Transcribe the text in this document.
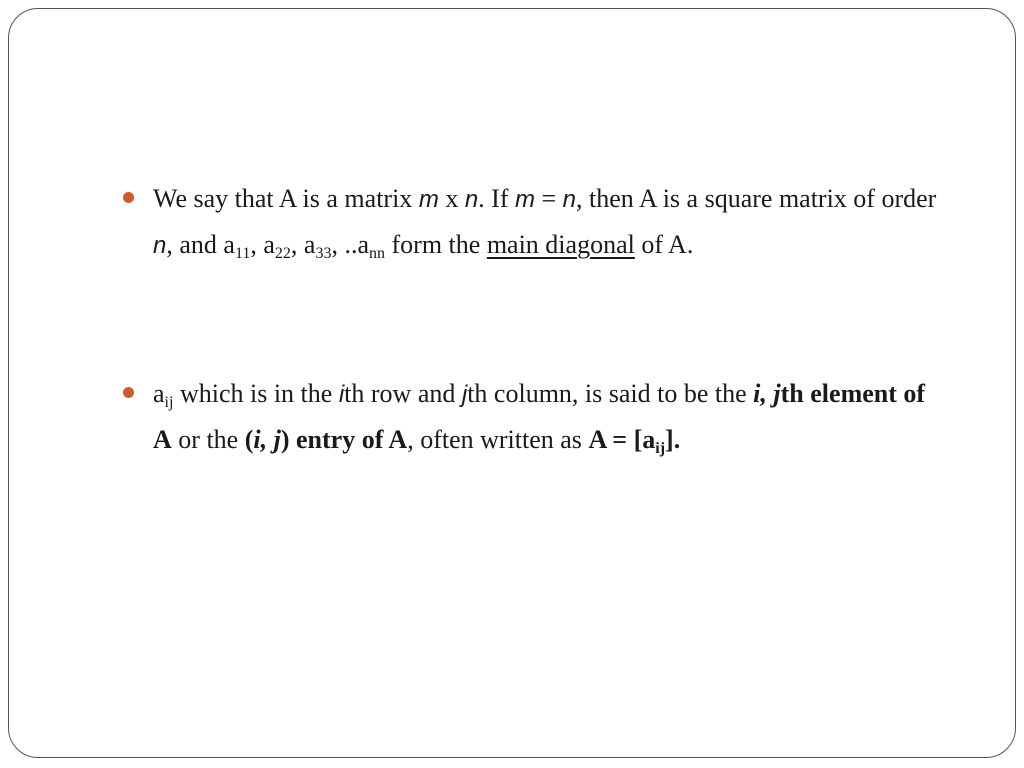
We say that A is a matrix m x n. If m = n, then A is a square matrix of order n, and $a_{11}$, $a_{22}$, $a_{33}$, $..a_{nn}$ form the main diagonal of A.
$a_{ij}$ which is in the ith row and jth column, is said to be the i, jth element of A or the (i, j) entry of A, often written as $A = [a_{ij}]$.
